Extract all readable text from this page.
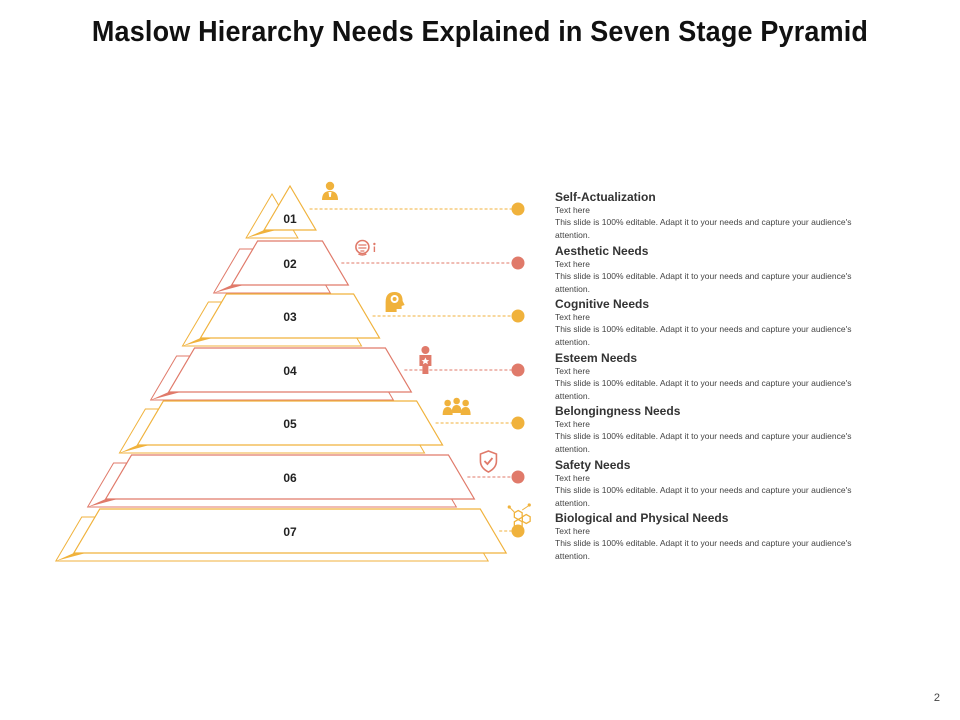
Maslow Hierarchy Needs Explained in Seven Stage Pyramid
01
02
03
04
05
06
07
Self-Actualization
Text here
This slide is 100% editable. Adapt it to your needs and capture your audience's attention.
Aesthetic Needs
Text here
This slide is 100% editable. Adapt it to your needs and capture your audience's attention.
Cognitive Needs
Text here
This slide is 100% editable. Adapt it to your needs and capture your audience's attention.
Esteem Needs
Text here
This slide is 100% editable. Adapt it to your needs and capture your audience's attention.
Belongingness Needs
Text here
This slide is 100% editable. Adapt it to your needs and capture your audience's attention.
Safety Needs
Text here
This slide is 100% editable. Adapt it to your needs and capture your audience's attention.
Biological and Physical Needs
Text here
This slide is 100% editable. Adapt it to your needs and capture your audience's attention.
2
